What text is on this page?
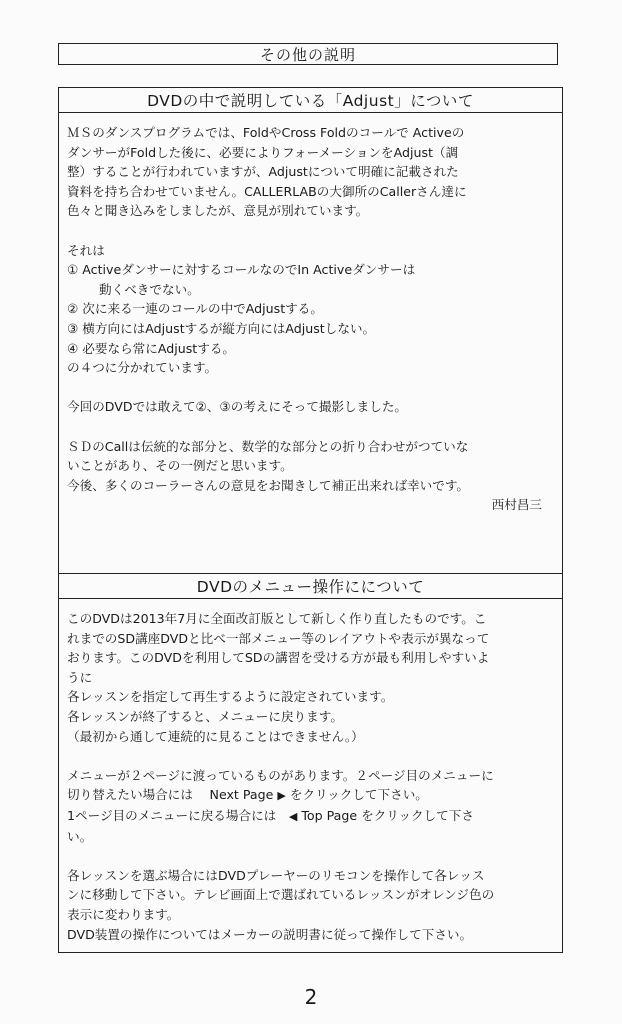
その他の説明
DVDの中で説明している「Adjust」について

ＭＳのダンスプログラムでは、FoldやCross Foldのコールで Activeの

ダンサーがFoldした後に、必要によりフォーメーションをAdjust（調

整）することが行われていますが、Adjustについて明確に記載された

資料を持ち合わせていません。CALLERLABの大御所のCallerさん達に

色々と聞き込みをしましたが、意見が別れています。

それは

① Activeダンサーに対するコールなのでIn Activeダンサーは

動くべきでない。

② 次に来る一連のコールの中でAdjustする。

③ 横方向にはAdjustするが縦方向にはAdjustしない。

④ 必要なら常にAdjustする。

の４つに分かれています。

今回のDVDでは敢えて②、③の考えにそって撮影しました。

ＳＤのCallは伝統的な部分と、数学的な部分との折り合わせがつていな

いことがあり、その一例だと思います。

今後、多くのコーラーさんの意見をお聞きして補正出来れば幸いです。

西村昌三

DVDのメニュー操作にについて

このDVDは2013年7月に全面改訂版として新しく作り直したものです。こ

れまでのSD講座DVDと比べ一部メニュー等のレイアウトや表示が異なって

おります。このDVDを利用してSDの講習を受ける方が最も利用しやすいよ

うに

各レッスンを指定して再生するように設定されています。

各レッスンが終了すると、メニューに戻ります。

（最初から通して連続的に見ることはできません。）

メニューが２ページに渡っているものがあります。２ページ目のメニューに

切り替えたい場合には　 Next Page ▶ をクリックして下さい。

1ページ目のメニューに戻る場合には　◀ Top Page をクリックして下さ

い。

各レッスンを選ぶ場合にはDVDプレーヤーのリモコンを操作して各レッス

ンに移動して下さい。テレビ画面上で選ばれているレッスンがオレンジ色の

表示に変わります。

DVD装置の操作についてはメーカーの説明書に従って操作して下さい。

2
